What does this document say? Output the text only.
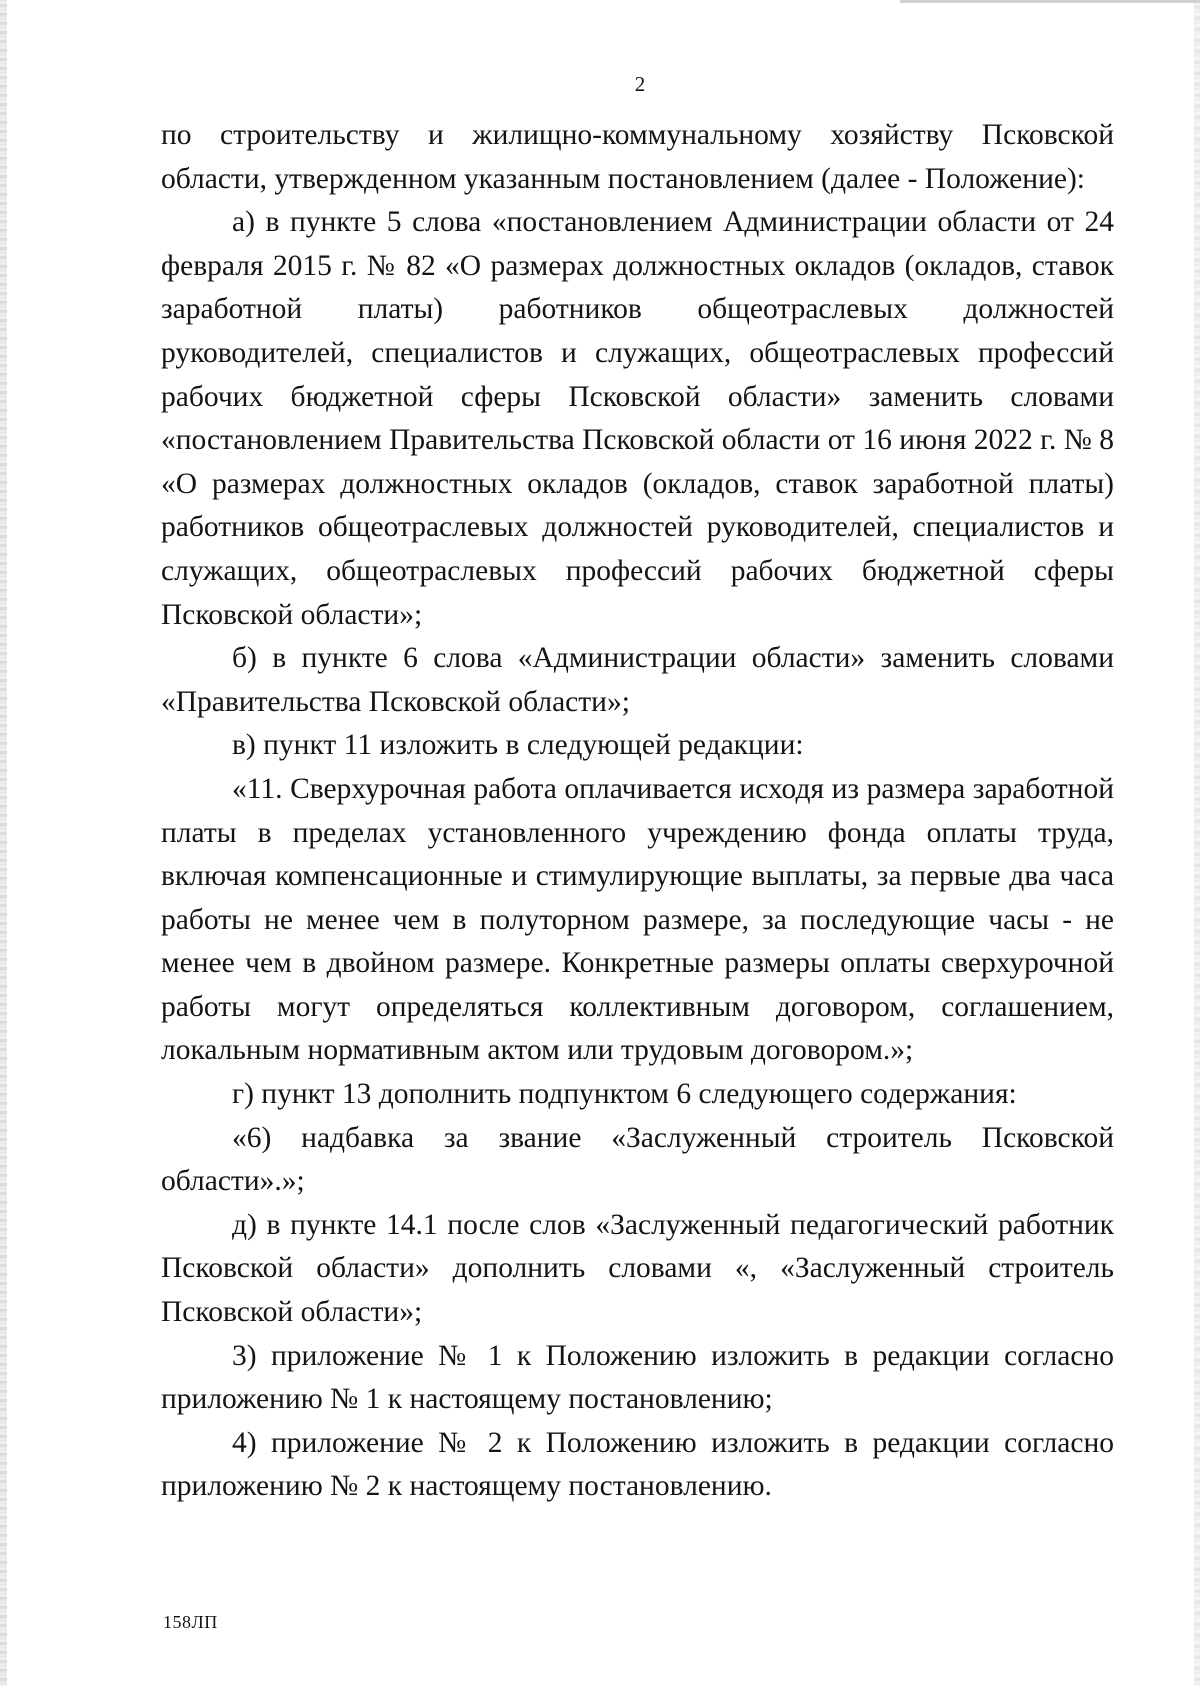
2

по строительству и жилищно-коммунальному хозяйству Псковской области, утвержденном указанным постановлением (далее - Положение):

а) в пункте 5 слова «постановлением Администрации области от 24 февраля 2015 г. № 82 «О размерах должностных окладов (окладов, ставок заработной платы) работников общеотраслевых должностей руководителей, специалистов и служащих, общеотраслевых профессий рабочих бюджетной сферы Псковской области» заменить словами «постановлением Правительства Псковской области от 16 июня 2022 г. № 8 «О размерах должностных окладов (окладов, ставок заработной платы) работников общеотраслевых должностей руководителей, специалистов и служащих, общеотраслевых профессий рабочих бюджетной сферы Псковской области»;

б) в пункте 6 слова «Администрации области» заменить словами «Правительства Псковской области»;

в) пункт 11 изложить в следующей редакции:

«11. Сверхурочная работа оплачивается исходя из размера заработной платы в пределах установленного учреждению фонда оплаты труда, включая компенсационные и стимулирующие выплаты, за первые два часа работы не менее чем в полуторном размере, за последующие часы - не менее чем в двойном размере. Конкретные размеры оплаты сверхурочной работы могут определяться коллективным договором, соглашением, локальным нормативным актом или трудовым договором.»;

г) пункт 13 дополнить подпунктом 6 следующего содержания:

«6) надбавка за звание «Заслуженный строитель Псковской области».»;

д) в пункте 14.1 после слов «Заслуженный педагогический работник Псковской области» дополнить словами «, «Заслуженный строитель Псковской области»;

3) приложение № 1 к Положению изложить в редакции согласно приложению № 1 к настоящему постановлению;

4) приложение № 2 к Положению изложить в редакции согласно приложению № 2 к настоящему постановлению.

158ЛП
